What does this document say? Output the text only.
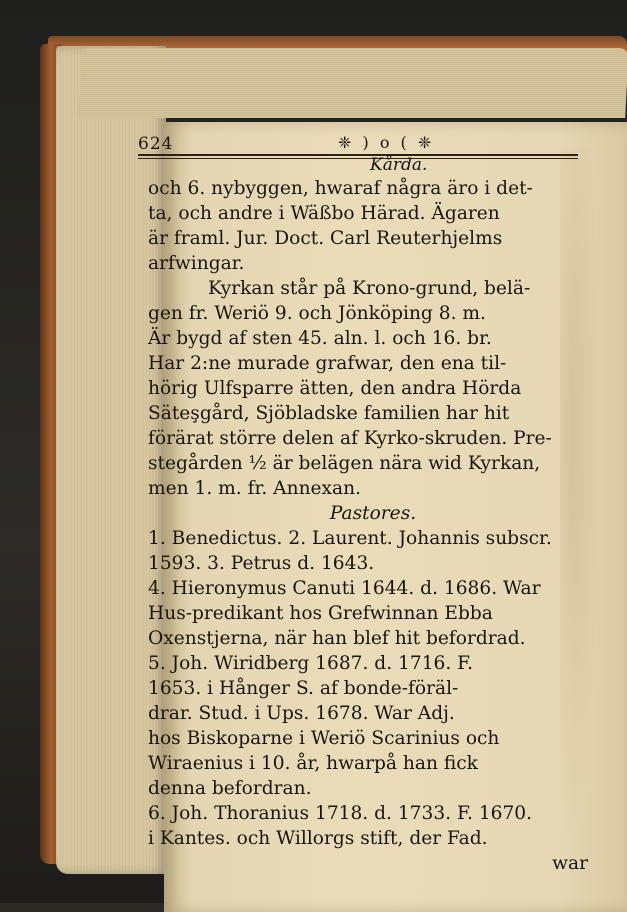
624	❈ ) o ( ❈
Kårda.
och 6. nybyggen, hwaraf några äro i det-
ta, och andre i Wäßbo Härad. Ägaren
är framl. Jur. Doct. Carl Reuterhjelms
arfwingar.
Kyrkan står på Krono-grund, belä-
gen fr. Weriö 9. och Jönköping 8. m.
Är bygd af sten 45. aln. l. och 16. br.
Har 2:ne murade grafwar, den ena til-
hörig Ulfsparre ätten, den andra Hörda
Säteşgård, Sjöbladske familien har hit
förärat större delen af Kyrko-skruden. Pre-
stegården ½ är belägen nära wid Kyrkan,
men 1. m. fr. Annexan.
Pastores.
1. Benedictus. 2. Laurent. Johannis subscr.
1593. 3. Petrus d. 1643.
4. Hieronymus Canuti 1644. d. 1686. War
Hus-predikant hos Grefwinnan Ebba
Oxenstjerna, när han blef hit befordrad.
5. Joh. Wiridberg 1687. d. 1716. F.
1653. i Hånger S. af bonde-föräl-
drar. Stud. i Ups. 1678. War Adj.
hos Biskoparne i Weriö Scarinius och
Wiraenius i 10. år, hwarpå han fick
denna befordran.
6. Joh. Thoranius 1718. d. 1733. F. 1670.
i Kantes. och Willorgs stift, der Fad.
war
